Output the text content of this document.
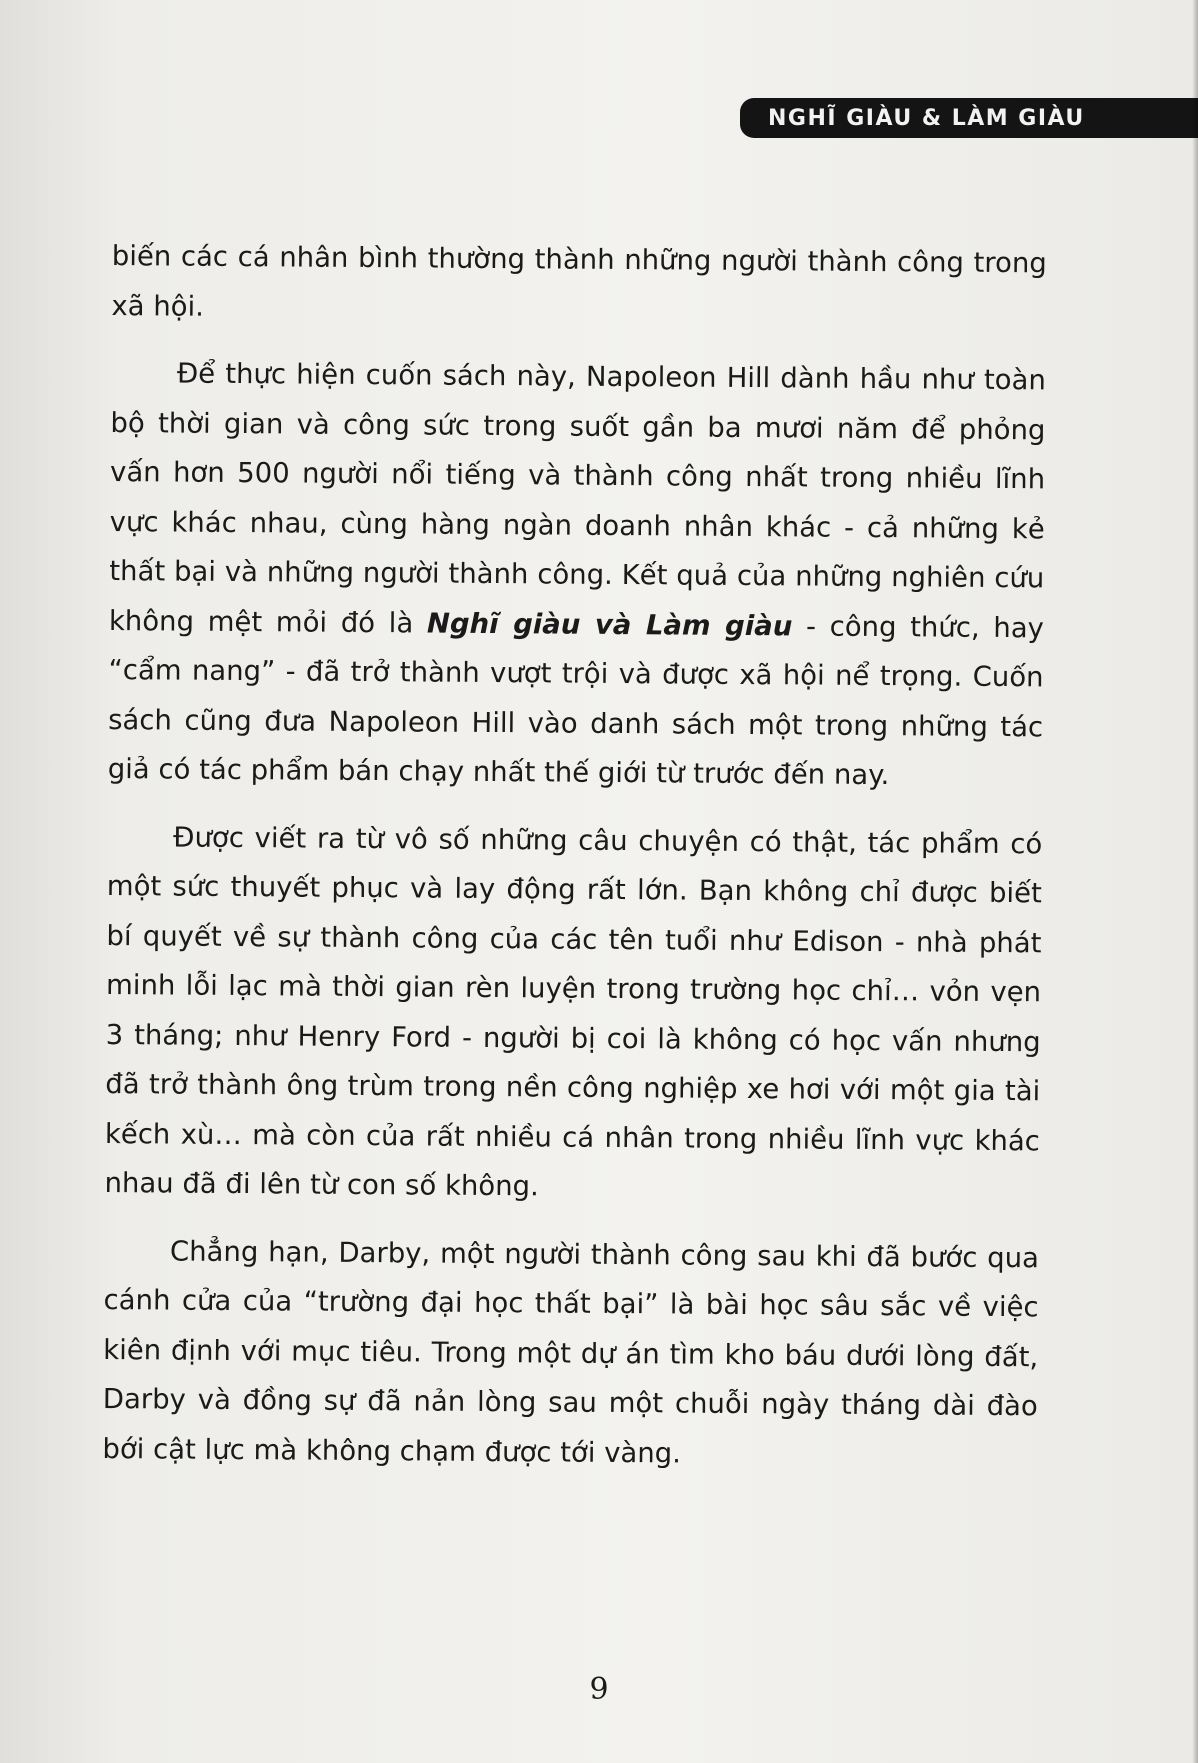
NGHĨ GIÀU & LÀM GIÀU

biến các cá nhân bình thường thành những người thành công trong xã hội.

Để thực hiện cuốn sách này, Napoleon Hill dành hầu như toàn bộ thời gian và công sức trong suốt gần ba mươi năm để phỏng vấn hơn 500 người nổi tiếng và thành công nhất trong nhiều lĩnh vực khác nhau, cùng hàng ngàn doanh nhân khác - cả những kẻ thất bại và những người thành công. Kết quả của những nghiên cứu không mệt mỏi đó là Nghĩ giàu và Làm giàu - công thức, hay “cẩm nang” - đã trở thành vượt trội và được xã hội nể trọng. Cuốn sách cũng đưa Napoleon Hill vào danh sách một trong những tác giả có tác phẩm bán chạy nhất thế giới từ trước đến nay.

Được viết ra từ vô số những câu chuyện có thật, tác phẩm có một sức thuyết phục và lay động rất lớn. Bạn không chỉ được biết bí quyết về sự thành công của các tên tuổi như Edison - nhà phát minh lỗi lạc mà thời gian rèn luyện trong trường học chỉ… vỏn vẹn 3 tháng; như Henry Ford - người bị coi là không có học vấn nhưng đã trở thành ông trùm trong nền công nghiệp xe hơi với một gia tài kếch xù… mà còn của rất nhiều cá nhân trong nhiều lĩnh vực khác nhau đã đi lên từ con số không.

Chẳng hạn, Darby, một người thành công sau khi đã bước qua cánh cửa của “trường đại học thất bại” là bài học sâu sắc về việc kiên định với mục tiêu. Trong một dự án tìm kho báu dưới lòng đất, Darby và đồng sự đã nản lòng sau một chuỗi ngày tháng dài đào bới cật lực mà không chạm được tới vàng.

9
